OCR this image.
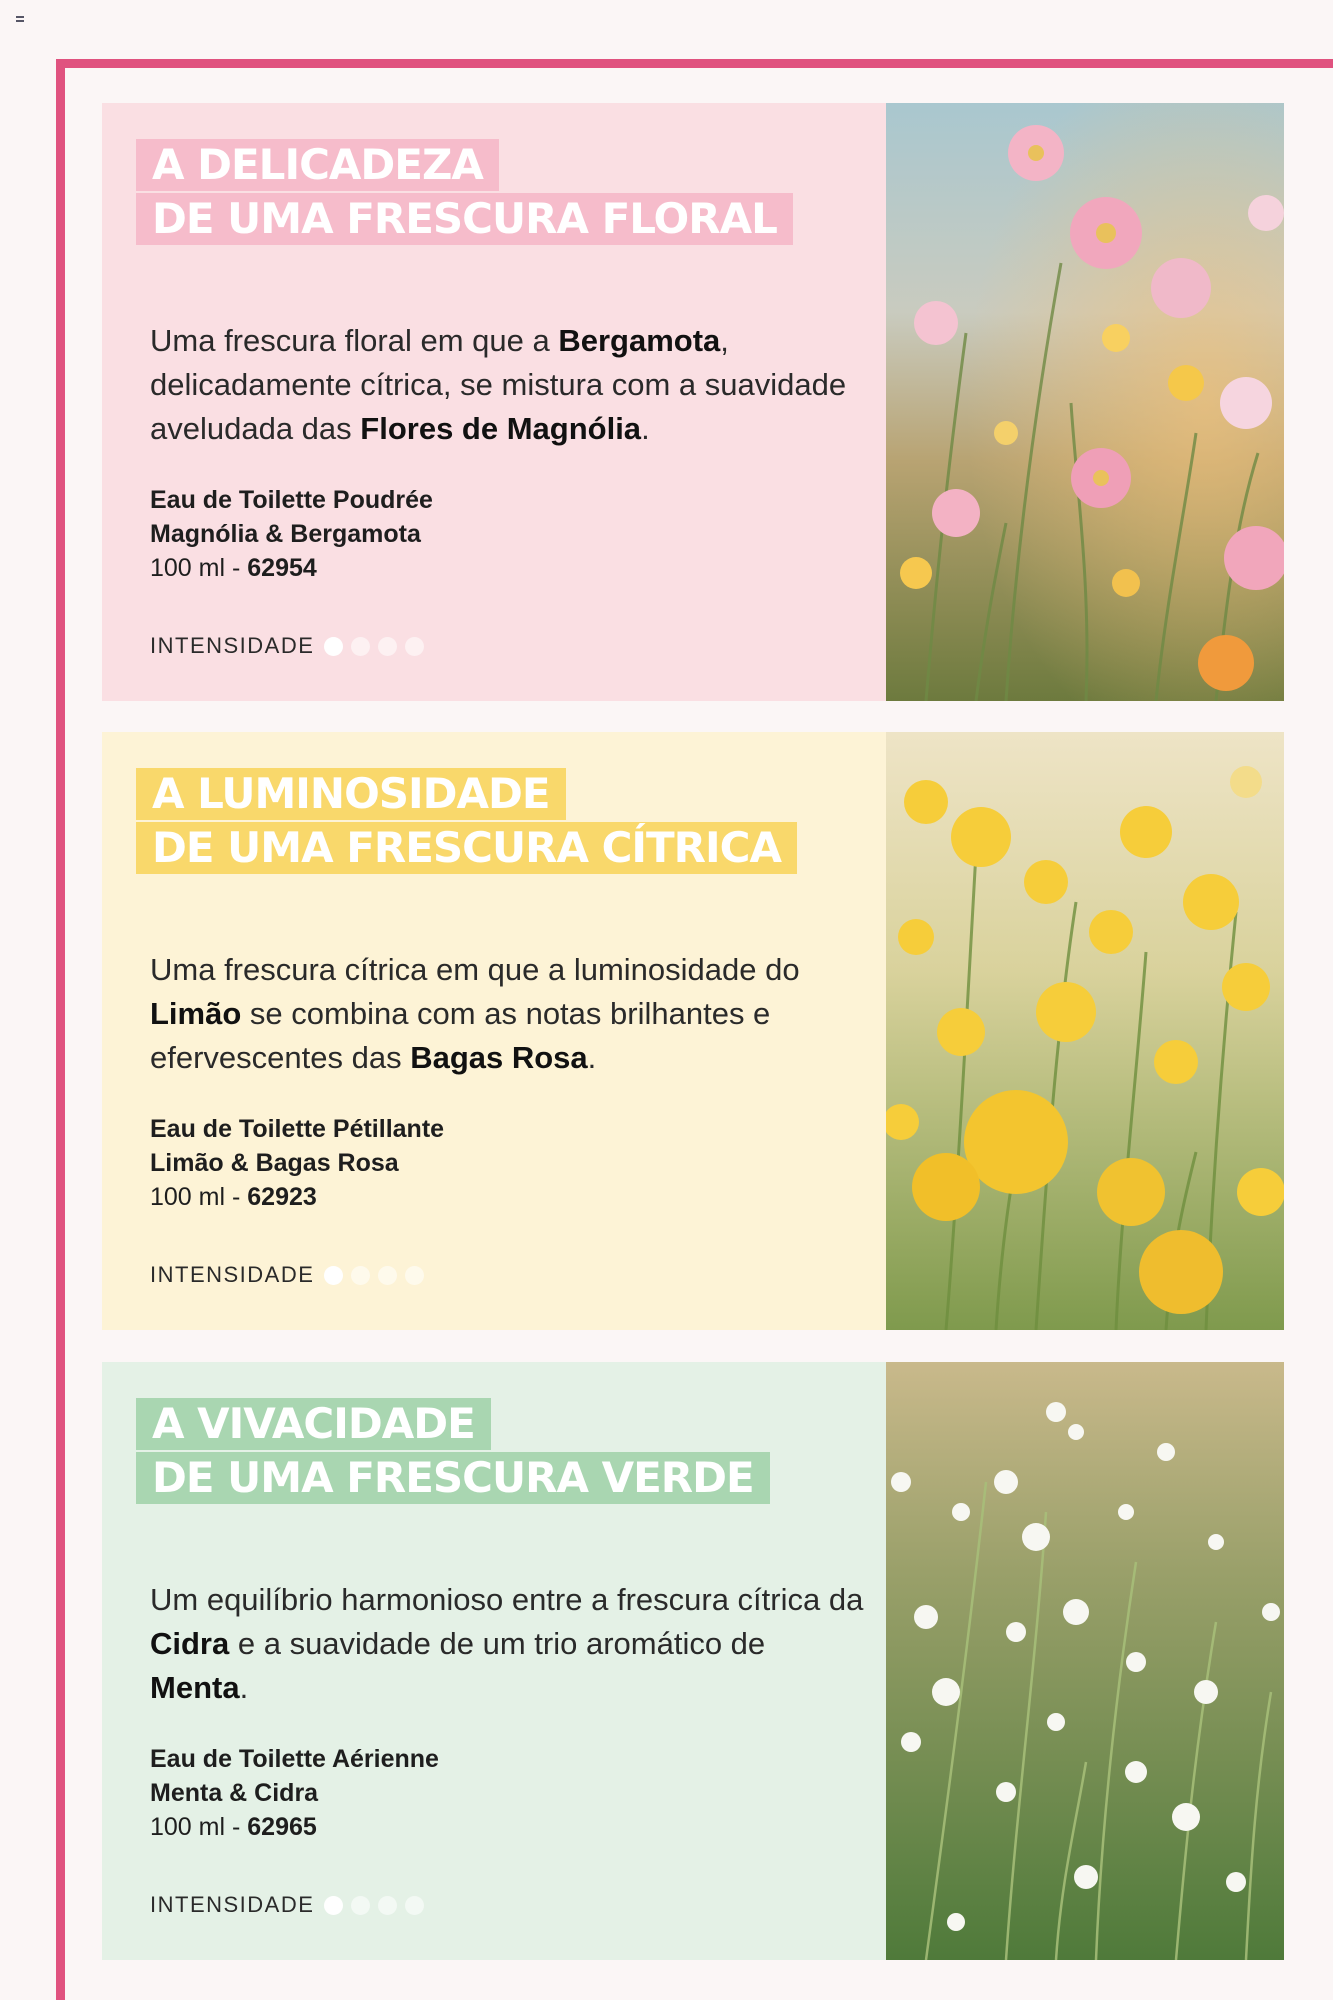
A DELICADEZA
DE UMA FRESCURA FLORAL
Uma frescura floral em que a Bergamota, delicadamente cítrica, se mistura com a suavidade aveludada das Flores de Magnólia.
Eau de Toilette Poudrée
Magnólia & Bergamota
100 ml - 62954
INTENSIDADE
A LUMINOSIDADE
DE UMA FRESCURA CÍTRICA
Uma frescura cítrica em que a luminosidade do Limão se combina com as notas brilhantes e efervescentes das Bagas Rosa.
Eau de Toilette Pétillante
Limão & Bagas Rosa
100 ml - 62923
INTENSIDADE
A VIVACIDADE
DE UMA FRESCURA VERDE
Um equilíbrio harmonioso entre a frescura cítrica da Cidra e a suavidade de um trio aromático de Menta.
Eau de Toilette Aérienne
Menta & Cidra
100 ml - 62965
INTENSIDADE
